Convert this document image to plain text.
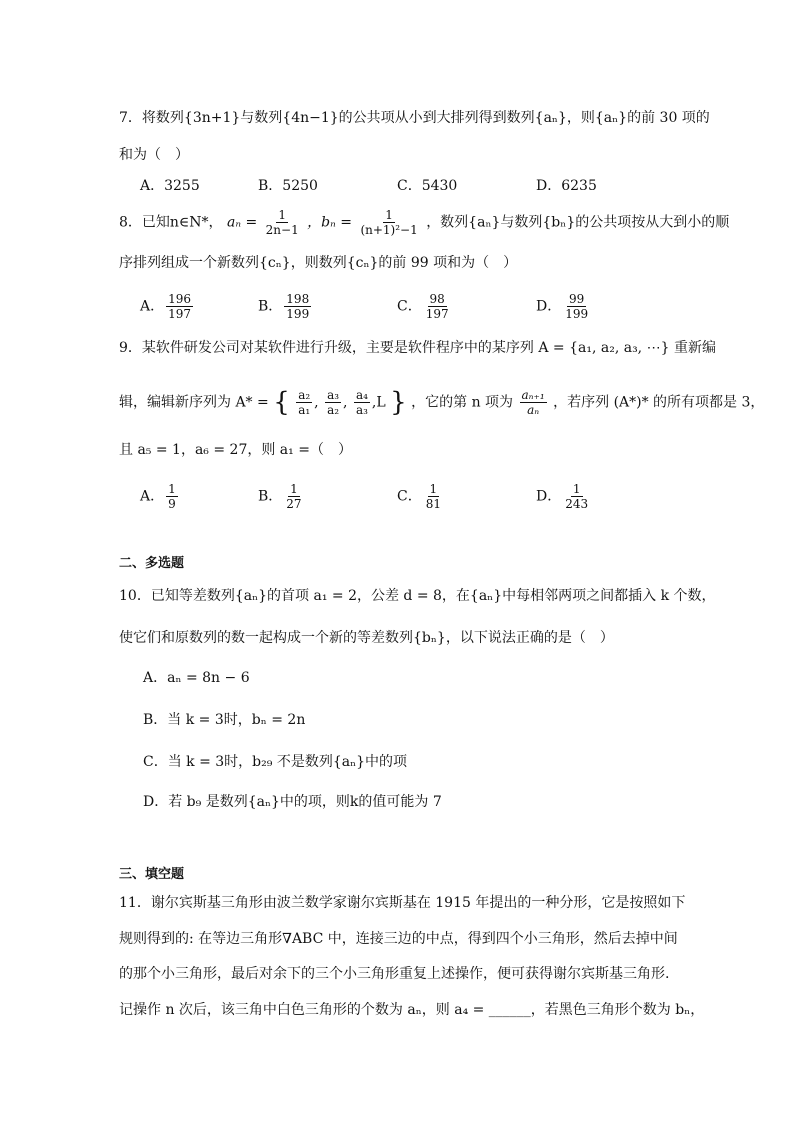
7．将数列{3n+1}与数列{4n−1}的公共项从小到大排列得到数列{aₙ}，则{aₙ}的前 30 项的
和为（　）
A．3255	B．5250	C．5430	D．6235
8．已知n∈N*， $a_n = \frac{1}{2n-1}$ ，$b_n = \frac{1}{\text{(n+1)²−1}}$ ，数列{aₙ}与数列{bₙ}的公共项按从大到小的顺
序排列组成一个新数列{cₙ}，则数列{cₙ}的前 99 项和为（　）
A． $\frac{196}{197}$	B． $\frac{198}{199}$	C． $\frac{98}{197}$	D． $\frac{99}{199}$
9．某软件研发公司对某软件进行升级，主要是软件程序中的某序列 A = {a₁, a₂, a₃, ⋯} 重新编
辑，编辑新序列为 A* = { $\frac{\text{a₂}}{\text{a₁}}$ , $\frac{\text{a₃}}{\text{a₂}}$ , $\frac{\text{a₄}}{\text{a₃}} ,L$ } ，它的第 n 项为 $\frac{\text{aₙ₊₁}}{\text{aₙ}}$ ，若序列 (A*)* 的所有项都是 3，
且 a₅ = 1，a₆ = 27，则 a₁ =（　）
A． $\frac{1}{9}$	B． $\frac{1}{27}$	C． $\frac{1}{81}$	D． $\frac{1}{243}$
二、多选题
10．已知等差数列{aₙ}的首项 a₁ = 2，公差 d = 8，在{aₙ}中每相邻两项之间都插入 k 个数，
使它们和原数列的数一起构成一个新的等差数列{bₙ}，以下说法正确的是（　）
A．aₙ = 8n − 6
B．当 k = 3时，bₙ = 2n
C．当 k = 3时，b₂₉ 不是数列{aₙ}中的项
D．若 b₉ 是数列{aₙ}中的项，则k的值可能为 7
三、填空题
11．谢尔宾斯基三角形由波兰数学家谢尔宾斯基在 1915 年提出的一种分形，它是按照如下
规则得到的: 在等边三角形∇ABC 中，连接三边的中点，得到四个小三角形，然后去掉中间
的那个小三角形，最后对余下的三个小三角形重复上述操作，便可获得谢尔宾斯基三角形.
记操作 n 次后，该三角中白色三角形的个数为 aₙ，则 a₄ = ______，若黑色三角形个数为 bₙ，
